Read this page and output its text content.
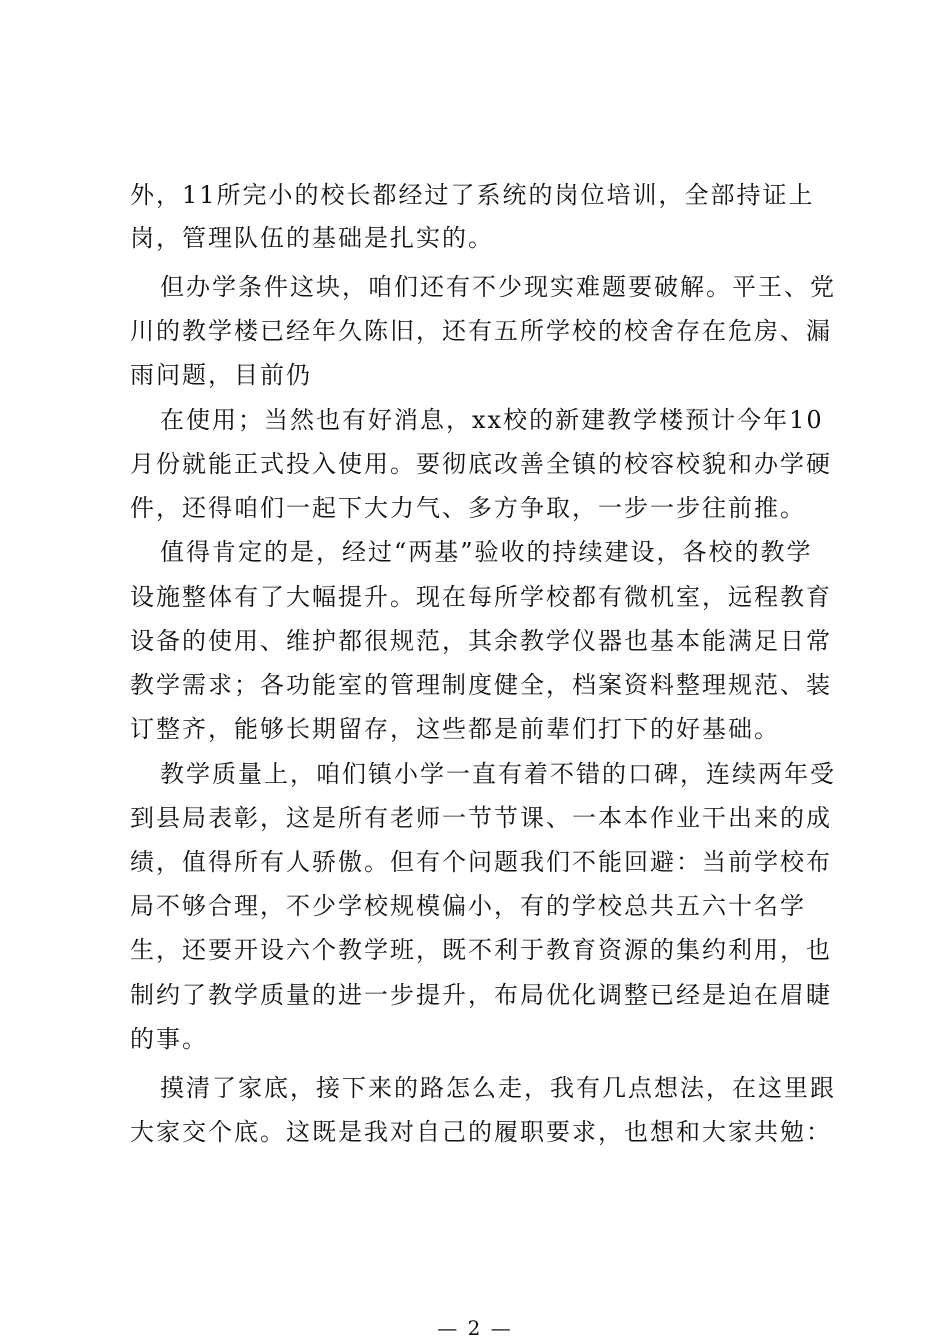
外，11所完小的校长都经过了系统的岗位培训，全部持证上
岗，管理队伍的基础是扎实的。
但办学条件这块，咱们还有不少现实难题要破解。平王、党
川的教学楼已经年久陈旧，还有五所学校的校舍存在危房、漏
雨问题，目前仍
在使用；当然也有好消息，xx校的新建教学楼预计今年10
月份就能正式投入使用。要彻底改善全镇的校容校貌和办学硬
件，还得咱们一起下大力气、多方争取，一步一步往前推。
值得肯定的是，经过“两基”验收的持续建设，各校的教学
设施整体有了大幅提升。现在每所学校都有微机室，远程教育
设备的使用、维护都很规范，其余教学仪器也基本能满足日常
教学需求；各功能室的管理制度健全，档案资料整理规范、装
订整齐，能够长期留存，这些都是前辈们打下的好基础。
教学质量上，咱们镇小学一直有着不错的口碑，连续两年受
到县局表彰，这是所有老师一节节课、一本本作业干出来的成
绩，值得所有人骄傲。但有个问题我们不能回避：当前学校布
局不够合理，不少学校规模偏小，有的学校总共五六十名学
生，还要开设六个教学班，既不利于教育资源的集约利用，也
制约了教学质量的进一步提升，布局优化调整已经是迫在眉睫
的事。
摸清了家底，接下来的路怎么走，我有几点想法，在这里跟
大家交个底。这既是我对自己的履职要求，也想和大家共勉：
— 2 —
